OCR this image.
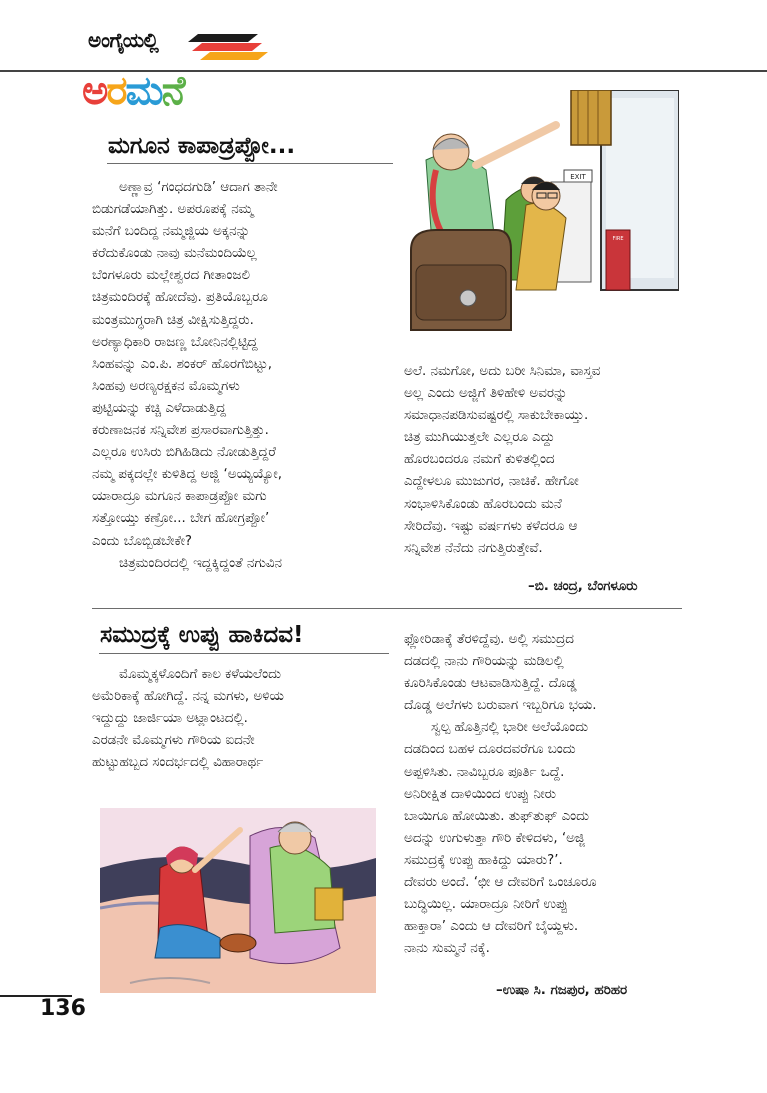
ಅಂಗೈಯಲ್ಲಿ
ಅರಮನೆ
ಮಗೂನ ಕಾಪಾಡ್ರಪ್ಪೋ...

ಅಣ್ಣಾವ್ರ ‘ಗಂಧದಗುಡಿ’ ಆದಾಗ ತಾನೇ

ಬಿಡುಗಡೆಯಾಗಿತ್ತು. ಅಪರೂಪಕ್ಕೆ ನಮ್ಮ

ಮನೆಗೆ ಬಂದಿದ್ದ ನಮ್ಮಜ್ಜಿಯ ಅಕ್ಕನನ್ನು

ಕರೆದುಕೊಂಡು ನಾವು ಮನೆಮಂದಿಯೆಲ್ಲ

ಬೆಂಗಳೂರು ಮಲ್ಲೇಶ್ವರದ ಗೀತಾಂಜಲಿ

ಚಿತ್ರಮಂದಿರಕ್ಕೆ ಹೋದೆವು. ಪ್ರತಿಯೊಬ್ಬರೂ

ಮಂತ್ರಮುಗ್ಧರಾಗಿ ಚಿತ್ರ ವೀಕ್ಷಿಸುತ್ತಿದ್ದರು.

ಅರಣ್ಯಾಧಿಕಾರಿ ರಾಜಣ್ಣ ಬೋನಿನಲ್ಲಿಟ್ಟಿದ್ದ

ಸಿಂಹವನ್ನು ಎಂ.ಪಿ. ಶಂಕರ್ ಹೊರಗೆಬಿಟ್ಟು,

ಸಿಂಹವು ಅರಣ್ಯರಕ್ಷಕನ ಮೊಮ್ಮಗಳು

ಪುಟ್ಟಿಯನ್ನು ಕಚ್ಚಿ ಎಳೆದಾಡುತ್ತಿದ್ದ

ಕರುಣಾಜನಕ ಸನ್ನಿವೇಶ ಪ್ರಸಾರವಾಗುತ್ತಿತ್ತು.

ಎಲ್ಲರೂ ಉಸಿರು ಬಿಗಿಹಿಡಿದು ನೋಡುತ್ತಿದ್ದರೆ

ನಮ್ಮ ಪಕ್ಕದಲ್ಲೇ ಕುಳಿತಿದ್ದ ಅಜ್ಜಿ ‘ಅಯ್ಯಯ್ಯೋ,

ಯಾರಾದ್ರೂ ಮಗೂನ ಕಾಪಾಡ್ರಪ್ಪೋ ಮಗು

ಸತ್ತೋಯ್ತು ಕಣ್ರೋ... ಬೇಗ ಹೋಗ್ರಪ್ಪೋ’

ಎಂದು ಬೊಬ್ಬಿಡಬೇಕೇ?

ಚಿತ್ರಮಂದಿರದಲ್ಲಿ ಇದ್ದಕ್ಕಿದ್ದಂತೆ ನಗುವಿನ

EXIT
FIRE

ಅಲೆ. ನಮಗೋ, ಅದು ಬರೀ ಸಿನಿಮಾ, ವಾಸ್ತವ

ಅಲ್ಲ ಎಂದು ಅಜ್ಜಿಗೆ ತಿಳಿಹೇಳಿ ಅವರನ್ನು

ಸಮಾಧಾನಪಡಿಸುವಷ್ಟರಲ್ಲಿ ಸಾಕುಬೇಕಾಯ್ತು.

ಚಿತ್ರ ಮುಗಿಯುತ್ತಲೇ ಎಲ್ಲರೂ ಎದ್ದು

ಹೊರಬಂದರೂ ನಮಗೆ ಕುಳಿತಲ್ಲಿಂದ

ಎದ್ದೇಳಲೂ ಮುಜುಗರ, ನಾಚಿಕೆ. ಹೇಗೋ

ಸಂಭಾಳಿಸಿಕೊಂಡು ಹೊರಬಂದು ಮನೆ

ಸೇರಿದೆವು. ಇಷ್ಟು ವರ್ಷಗಳು ಕಳೆದರೂ ಆ

ಸನ್ನಿವೇಶ ನೆನೆದು ನಗುತ್ತಿರುತ್ತೇವೆ.

–ಬಿ. ಚಂದ್ರ, ಬೆಂಗಳೂರು
ಸಮುದ್ರಕ್ಕೆ ಉಪ್ಪು ಹಾಕಿದವ!

ಮೊಮ್ಮಕ್ಕಳೊಂದಿಗೆ ಕಾಲ ಕಳೆಯಲೆಂದು

ಅಮೆರಿಕಾಕ್ಕೆ ಹೋಗಿದ್ದೆ. ನನ್ನ ಮಗಳು, ಅಳಿಯ

ಇದ್ದುದ್ದು ಜಾರ್ಜಿಯಾ ಅಟ್ಲಾಂಟದಲ್ಲಿ.

ಎರಡನೇ ಮೊಮ್ಮಗಳು ಗೌರಿಯ ಐದನೇ

ಹುಟ್ಟುಹಬ್ಬದ ಸಂದರ್ಭದಲ್ಲಿ ವಿಹಾರಾರ್ಥ

ಫ್ಲೋರಿಡಾಕ್ಕೆ ತೆರಳಿದ್ದೆವು. ಅಲ್ಲಿ ಸಮುದ್ರದ

ದಡದಲ್ಲಿ ನಾನು ಗೌರಿಯನ್ನು ಮಡಿಲಲ್ಲಿ

ಕೂರಿಸಿಕೊಂಡು ಆಟವಾಡಿಸುತ್ತಿದ್ದೆ. ದೊಡ್ಡ

ದೊಡ್ಡ ಅಲೆಗಳು ಬರುವಾಗ ಇಬ್ಬರಿಗೂ ಭಯ.

ಸ್ವಲ್ಪ ಹೊತ್ತಿನಲ್ಲಿ ಭಾರೀ ಅಲೆಯೊಂದು

ದಡದಿಂದ ಬಹಳ ದೂರದವರೆಗೂ ಬಂದು

ಅಪ್ಪಳಿಸಿತು. ನಾವಿಬ್ಬರೂ ಪೂರ್ತಿ ಒದ್ದೆ.

ಅನಿರೀಕ್ಷಿತ ದಾಳಿಯಿಂದ ಉಪ್ಪು ನೀರು

ಬಾಯಿಗೂ ಹೋಯಿತು. ತುಫ್‌ತುಫ್ ಎಂದು

ಅದನ್ನು ಉಗುಳುತ್ತಾ ಗೌರಿ ಕೇಳಿದಳು, ‘ಅಜ್ಜಿ

ಸಮುದ್ರಕ್ಕೆ ಉಪ್ಪು ಹಾಕಿದ್ದು ಯಾರು?’.

ದೇವರು ಅಂದೆ. ‘ಛೀ ಆ ದೇವರಿಗೆ ಒಂಚೂರೂ

ಬುದ್ಧಿಯಿಲ್ಲ. ಯಾರಾದ್ರೂ ನೀರಿಗೆ ಉಪ್ಪು

ಹಾಕ್ತಾರಾ’ ಎಂದು ಆ ದೇವರಿಗೆ ಬೈಯ್ದಳು.

ನಾನು ಸುಮ್ಮನೆ ನಕ್ಕೆ.

–ಉಷಾ ಸಿ. ಗಜಪುರ, ಹರಿಹರ
136
